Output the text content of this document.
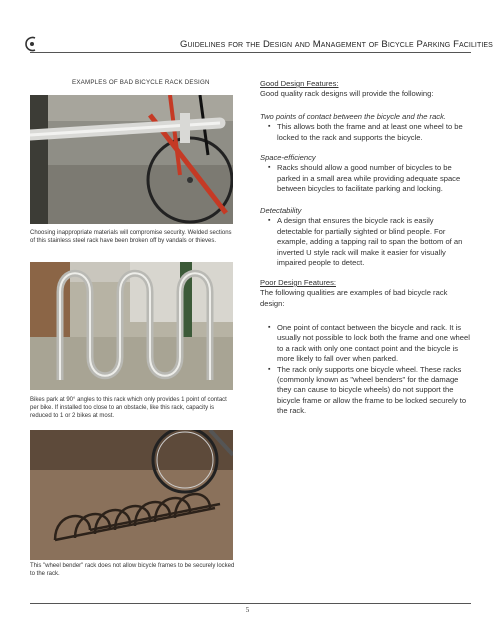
Guidelines for the Design and Management of Bicycle Parking Facilities
EXAMPLES OF BAD BICYCLE RACK DESIGN
Choosing inappropriate materials will compromise security. Welded sections of this stainless steel rack have been broken off by vandals or thieves.
Bikes park at 90° angles to this rack which only provides 1 point of contact per bike. If installed too close to an obstacle, like this rack, capacity is reduced to 1 or 2 bikes at most.
This "wheel bender" rack does not allow bicycle frames to be securely locked to the rack.
Good Design Features:
Good quality rack designs will provide the following:
Two points of contact between the bicycle and the rack.
▪ This allows both the frame and at least one wheel to be locked to the rack and supports the bicycle.
Space-efficiency
▪ Racks should allow a good number of bicycles to be parked in a small area while providing adequate space between bicycles to facilitate parking and locking.
Detectability
▪ A design that ensures the bicycle rack is easily detectable for partially sighted or blind people. For example, adding a tapping rail to span the bottom of an inverted U style rack will make it easier for visually impaired people to detect.
Poor Design Features:
The following qualities are examples of bad bicycle rack design:
▪ One point of contact between the bicycle and rack. It is usually not possible to lock both the frame and one wheel to a rack with only one contact point and the bicycle is more likely to fall over when parked.
▪ The rack only supports one bicycle wheel. These racks (commonly known as "wheel benders" for the damage they can cause to bicycle wheels) do not support the bicycle frame or allow the frame to be locked securely to the rack.
5
